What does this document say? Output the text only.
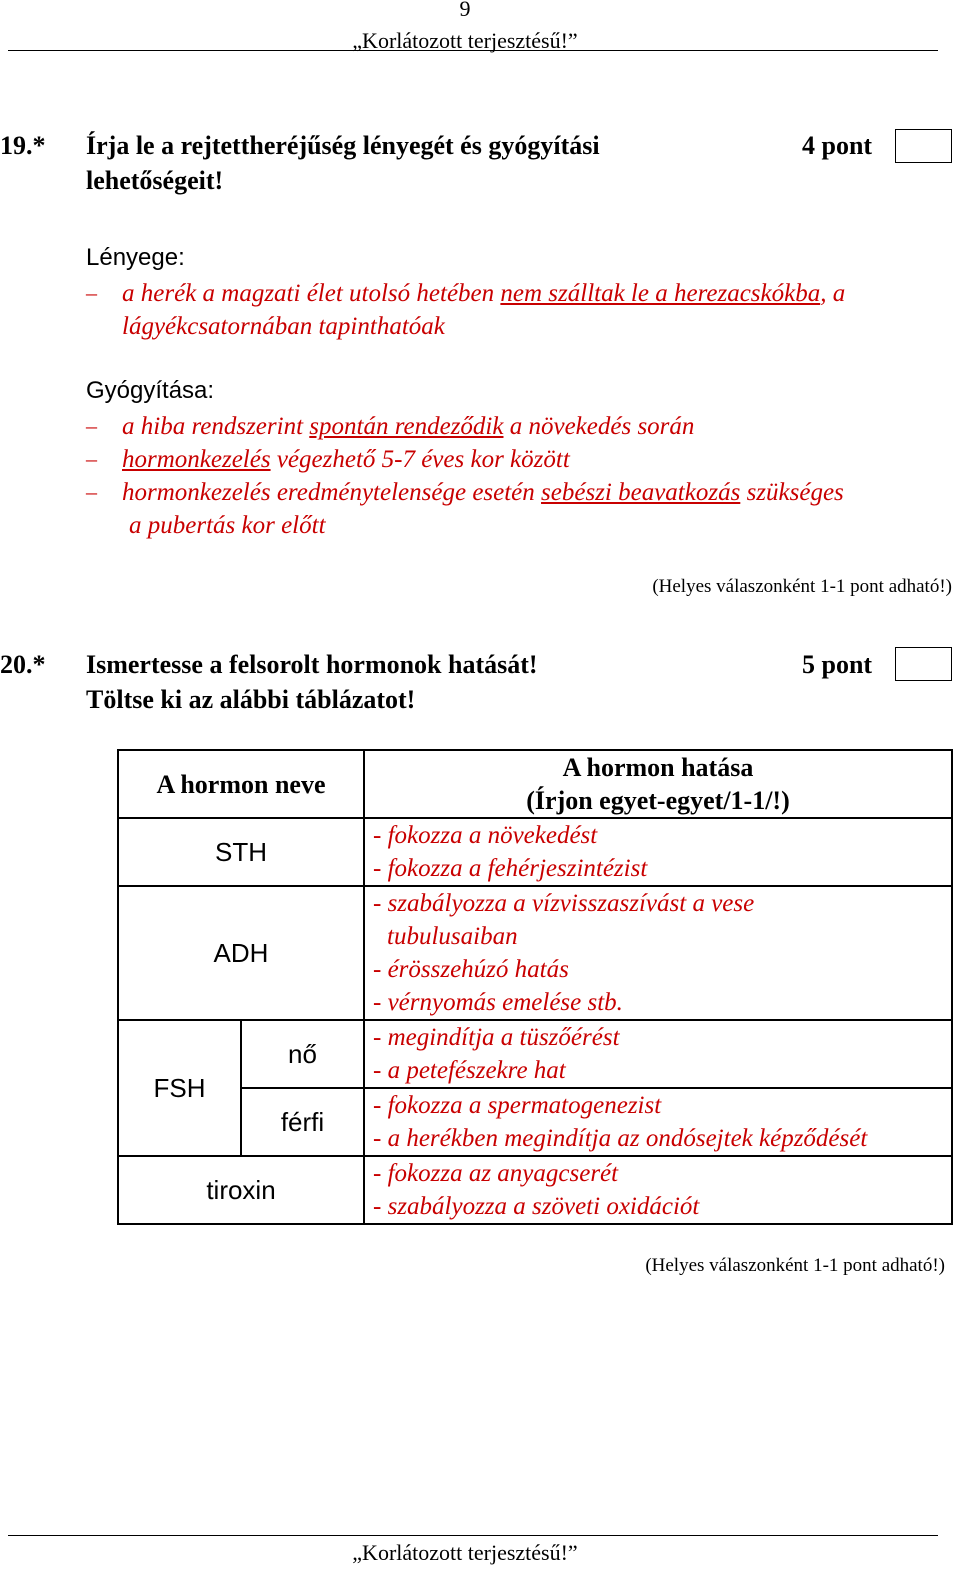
9
„Korlátozott terjesztésű!”
19.* Írja le a rejtettheréjűség lényegét és gyógyítási
lehetőségeit!
4 pont
Lényege:
– a herék a magzati élet utolsó hetében nem szálltak le a herezacskókba, a
lágyékcsatornában tapinthatóak
Gyógyítása:
– a hiba rendszerint spontán rendeződik a növekedés során
– hormonkezelés végezhető 5-7 éves kor között
– hormonkezelés eredménytelensége esetén sebészi beavatkozás szükséges
a pubertás kor előtt
(Helyes válaszonként 1-1 pont adható!)
20.* Ismertesse a felsorolt hormonok hatását!
Töltse ki az alábbi táblázatot!
5 pont
A hormon neve		A hormon hatása
(Írjon egyet-egyet/1-1/!)

STH		- fokozza a növekedést
- fokozza a fehérjeszintézist

ADH		- szabályozza a vízvisszaszívást a vese
tubulusaiban
- érösszehúzó hatás
- vérnyomás emelése stb.

FSH	nő	- megindítja a tüszőérést
- a petefészekre hat

	férfi	- fokozza a spermatogenezist
- a herékben megindítja az ondósejtek képződését

tiroxin		- fokozza az anyagcserét
- szabályozza a szöveti oxidációt
(Helyes válaszonként 1-1 pont adható!)
„Korlátozott terjesztésű!”
